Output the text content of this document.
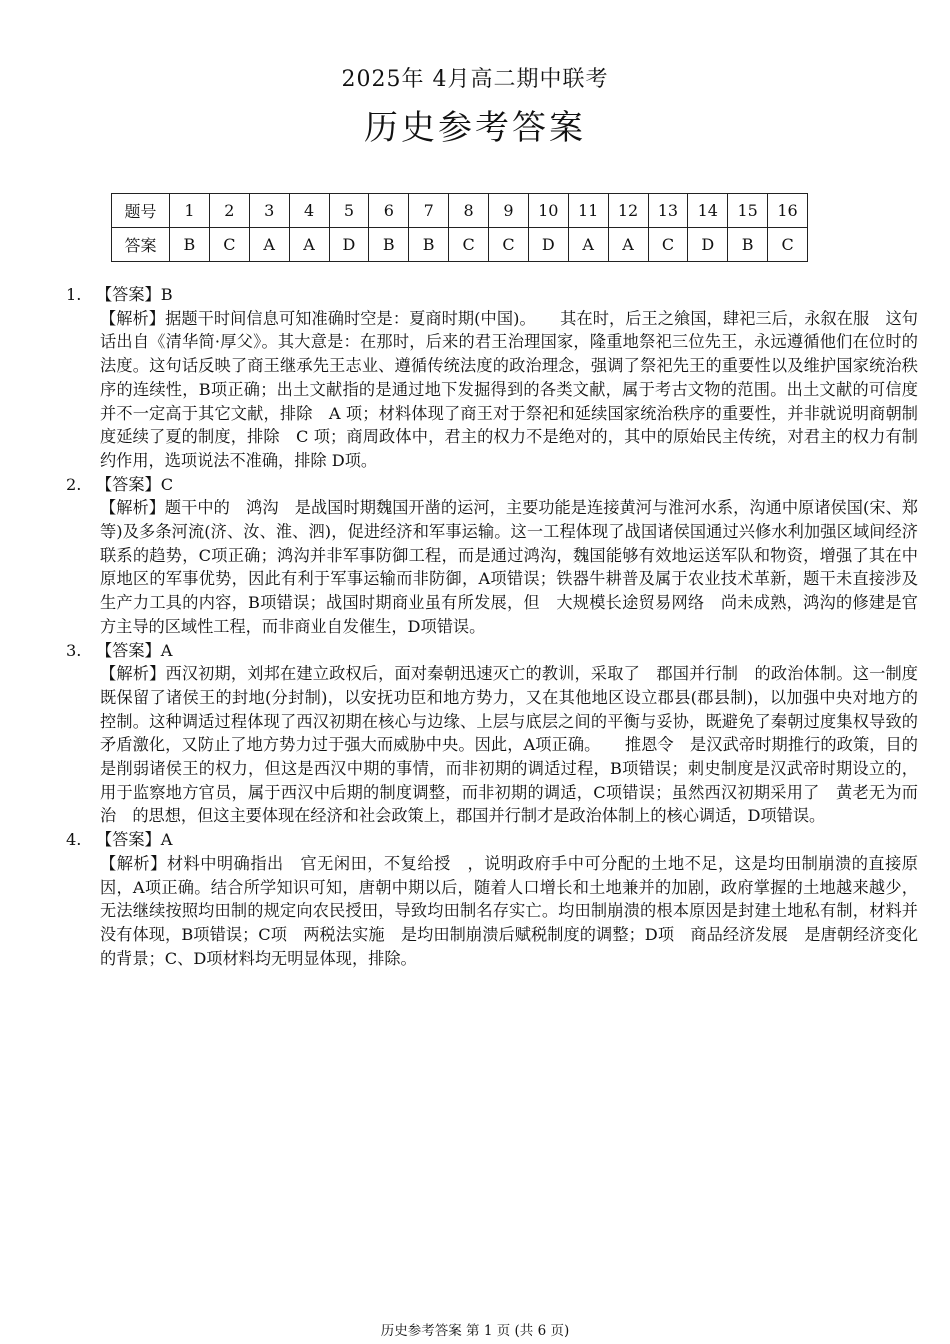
2025年 4月高二期中联考
历史参考答案
题号	1	2	3	4	5	6	7	8	9	10	11	12	13	14	15	16
答案	B	C	A	A	D	B	B	C	C	D	A	A	C	D	B	C
1. 【答案】B
【解析】据题干时间信息可知准确时空是：夏商时期(中国)。　　其在时，后王之飨国，肆祀三后，永叙在服　这句话出自《清华简·厚父》。其大意是：在那时，后来的君王治理国家，隆重地祭祀三位先王，永远遵循他们在位时的法度。这句话反映了商王继承先王志业、遵循传统法度的政治理念，强调了祭祀先王的重要性以及维护国家统治秩序的连续性，B项正确；出土文献指的是通过地下发掘得到的各类文献，属于考古文物的范围。出土文献的可信度并不一定高于其它文献，排除　A 项；材料体现了商王对于祭祀和延续国家统治秩序的重要性，并非就说明商朝制度延续了夏的制度，排除　C 项；商周政体中，君主的权力不是绝对的，其中的原始民主传统，对君主的权力有制约作用，选项说法不准确，排除 D项。
2. 【答案】C
【解析】题干中的　鸿沟　是战国时期魏国开凿的运河，主要功能是连接黄河与淮河水系，沟通中原诸侯国(宋、郑等)及多条河流(济、汝、淮、泗)，促进经济和军事运输。这一工程体现了战国诸侯国通过兴修水利加强区域间经济联系的趋势，C项正确；鸿沟并非军事防御工程，而是通过鸿沟，魏国能够有效地运送军队和物资，增强了其在中原地区的军事优势，因此有利于军事运输而非防御，A项错误；铁器牛耕普及属于农业技术革新，题干未直接涉及生产力工具的内容，B项错误；战国时期商业虽有所发展，但　大规模长途贸易网络　尚未成熟，鸿沟的修建是官方主导的区域性工程，而非商业自发催生，D项错误。
3. 【答案】A
【解析】西汉初期，刘邦在建立政权后，面对秦朝迅速灭亡的教训，采取了　郡国并行制　的政治体制。这一制度既保留了诸侯王的封地(分封制)，以安抚功臣和地方势力，又在其他地区设立郡县(郡县制)，以加强中央对地方的控制。这种调适过程体现了西汉初期在核心与边缘、上层与底层之间的平衡与妥协，既避免了秦朝过度集权导致的矛盾激化，又防止了地方势力过于强大而威胁中央。因此，A项正确。　　推恩令　是汉武帝时期推行的政策，目的是削弱诸侯王的权力，但这是西汉中期的事情，而非初期的调适过程，B项错误；刺史制度是汉武帝时期设立的，用于监察地方官员，属于西汉中后期的制度调整，而非初期的调适，C项错误；虽然西汉初期采用了　黄老无为而治　的思想，但这主要体现在经济和社会政策上，郡国并行制才是政治体制上的核心调适，D项错误。
4. 【答案】A
【解析】材料中明确指出　官无闲田，不复给授　，说明政府手中可分配的土地不足，这是均田制崩溃的直接原因，A项正确。结合所学知识可知，唐朝中期以后，随着人口增长和土地兼并的加剧，政府掌握的土地越来越少，无法继续按照均田制的规定向农民授田，导致均田制名存实亡。均田制崩溃的根本原因是封建土地私有制，材料并没有体现，B项错误；C项　两税法实施　是均田制崩溃后赋税制度的调整；D项　商品经济发展　是唐朝经济变化的背景；C、D项材料均无明显体现，排除。
历史参考答案 第 1 页 (共 6 页)
